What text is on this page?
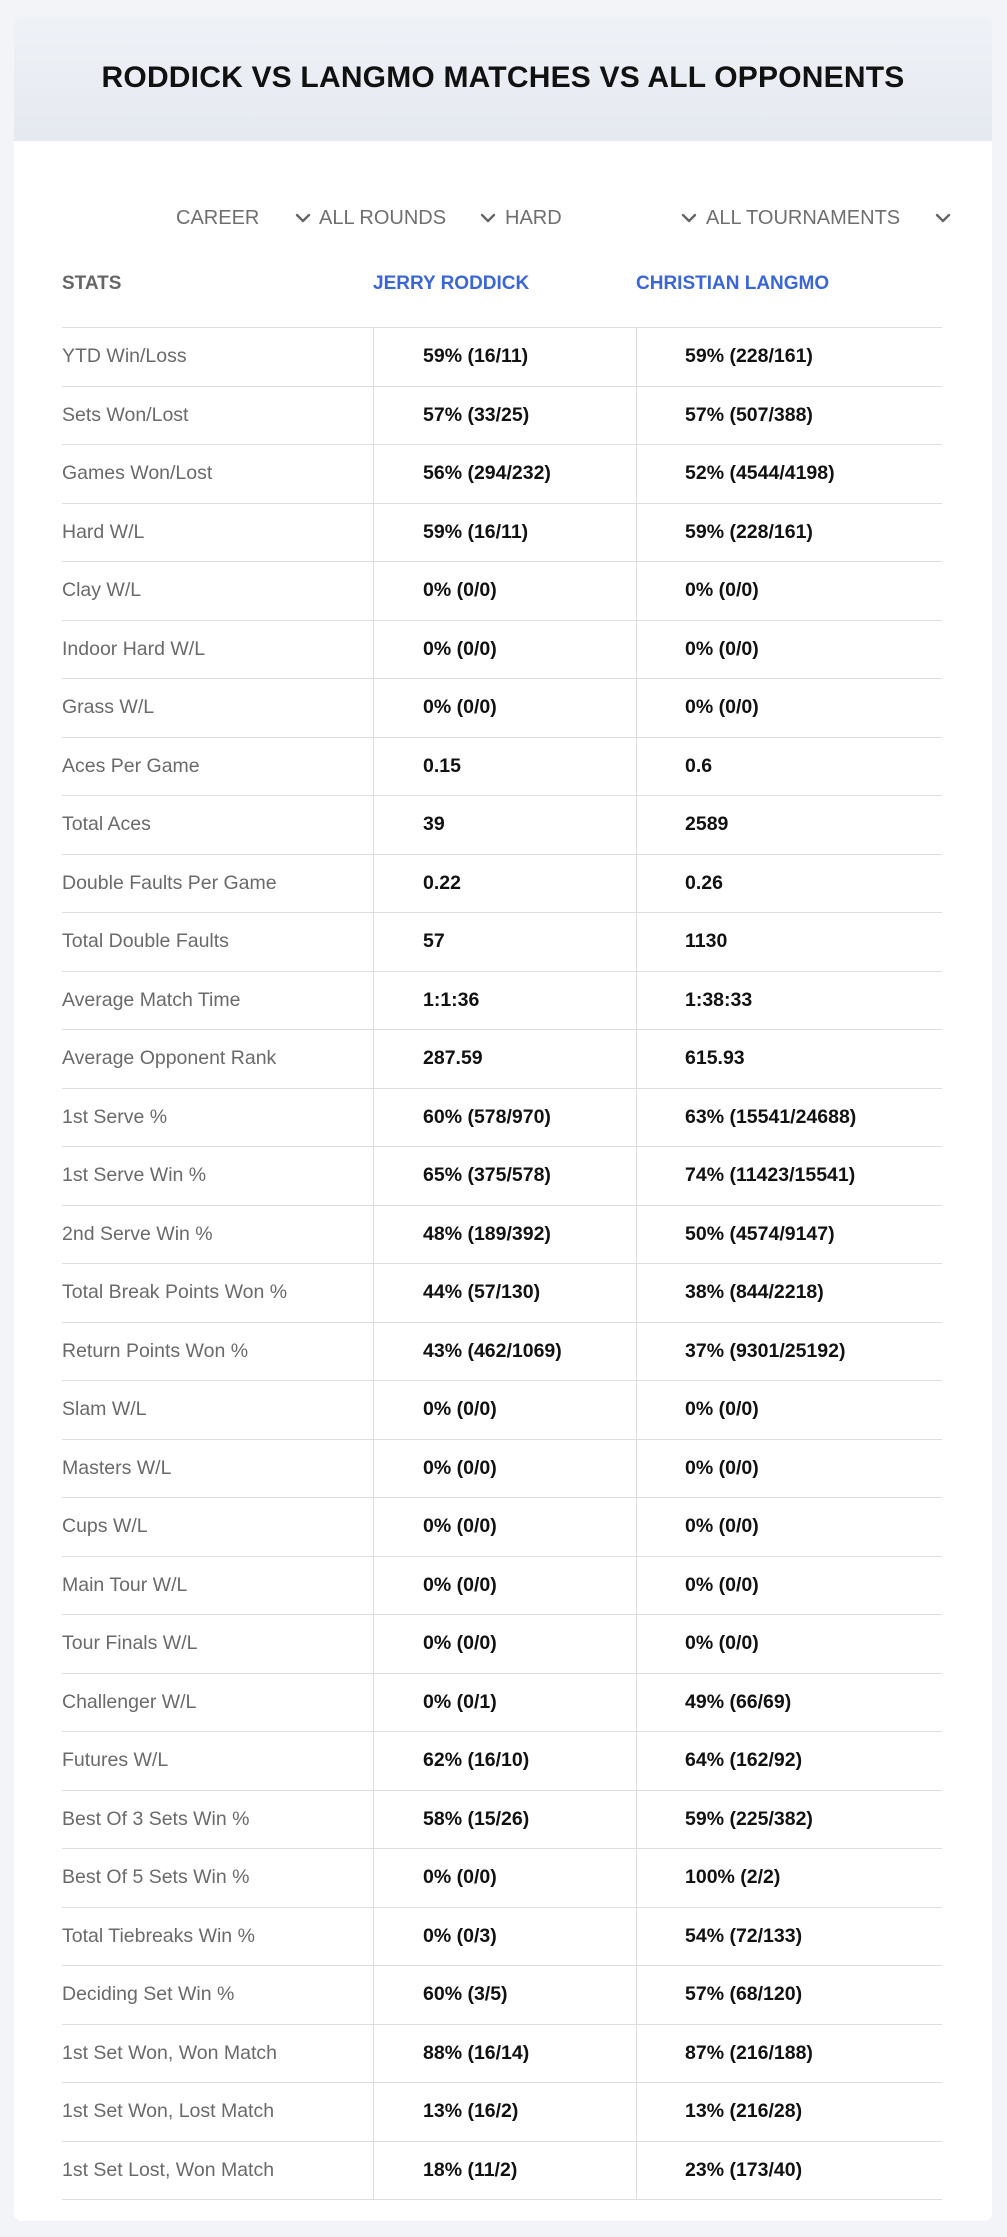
RODDICK VS LANGMO MATCHES VS ALL OPPONENTS
CAREER	ALL ROUNDS	HARD	ALL TOURNAMENTS
STATS	JERRY RODDICK	CHRISTIAN LANGMO
YTD Win/Loss	59% (16/11)	59% (228/161)
Sets Won/Lost	57% (33/25)	57% (507/388)
Games Won/Lost	56% (294/232)	52% (4544/4198)
Hard W/L	59% (16/11)	59% (228/161)
Clay W/L	0% (0/0)	0% (0/0)
Indoor Hard W/L	0% (0/0)	0% (0/0)
Grass W/L	0% (0/0)	0% (0/0)
Aces Per Game	0.15	0.6
Total Aces	39	2589
Double Faults Per Game	0.22	0.26
Total Double Faults	57	1130
Average Match Time	1:1:36	1:38:33
Average Opponent Rank	287.59	615.93
1st Serve %	60% (578/970)	63% (15541/24688)
1st Serve Win %	65% (375/578)	74% (11423/15541)
2nd Serve Win %	48% (189/392)	50% (4574/9147)
Total Break Points Won %	44% (57/130)	38% (844/2218)
Return Points Won %	43% (462/1069)	37% (9301/25192)
Slam W/L	0% (0/0)	0% (0/0)
Masters W/L	0% (0/0)	0% (0/0)
Cups W/L	0% (0/0)	0% (0/0)
Main Tour W/L	0% (0/0)	0% (0/0)
Tour Finals W/L	0% (0/0)	0% (0/0)
Challenger W/L	0% (0/1)	49% (66/69)
Futures W/L	62% (16/10)	64% (162/92)
Best Of 3 Sets Win %	58% (15/26)	59% (225/382)
Best Of 5 Sets Win %	0% (0/0)	100% (2/2)
Total Tiebreaks Win %	0% (0/3)	54% (72/133)
Deciding Set Win %	60% (3/5)	57% (68/120)
1st Set Won, Won Match	88% (16/14)	87% (216/188)
1st Set Won, Lost Match	13% (16/2)	13% (216/28)
1st Set Lost, Won Match	18% (11/2)	23% (173/40)
